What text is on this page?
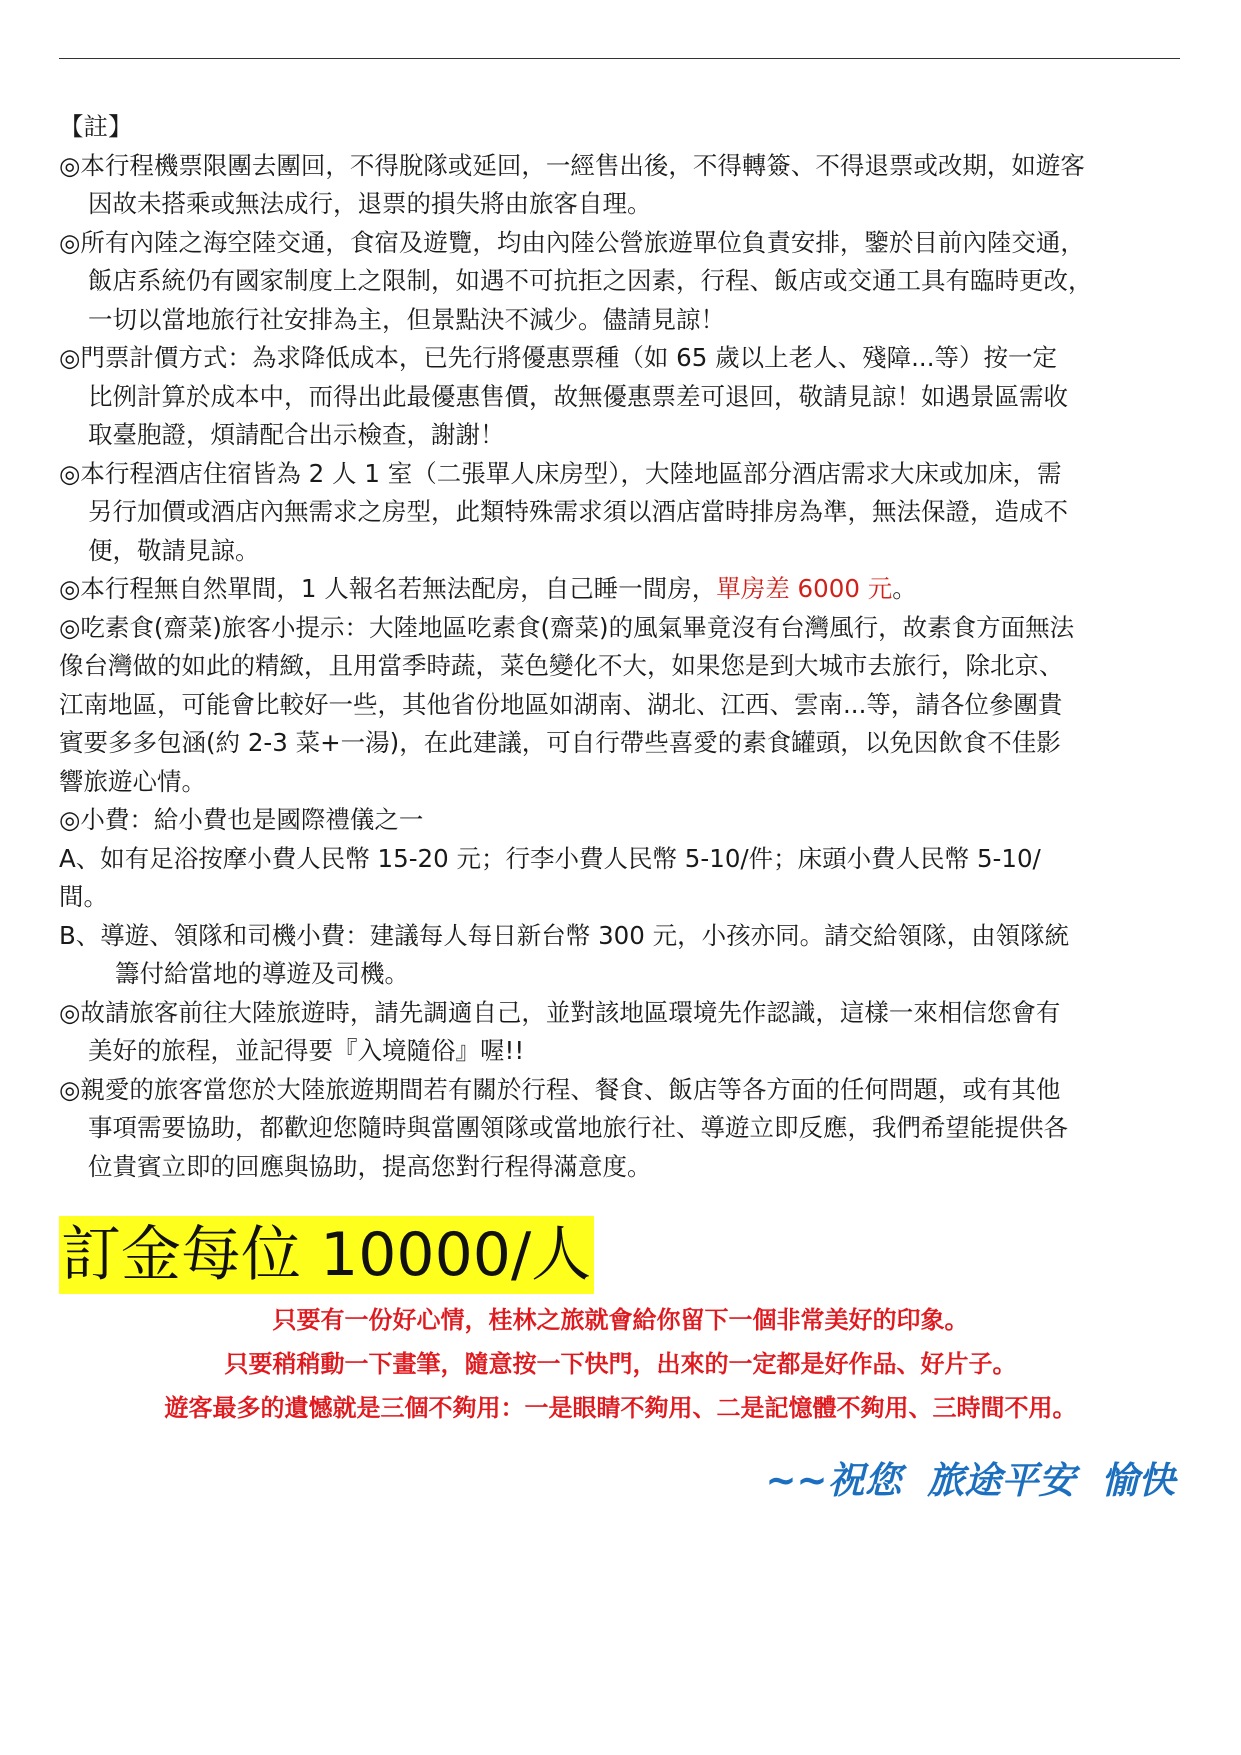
【註】

◎本行程機票限團去團回，不得脫隊或延回，一經售出後，不得轉簽、不得退票或改期，如遊客
因故未搭乘或無法成行，退票的損失將由旅客自理。
◎所有內陸之海空陸交通，食宿及遊覽，均由內陸公營旅遊單位負責安排，鑒於目前內陸交通，
飯店系統仍有國家制度上之限制，如遇不可抗拒之因素，行程、飯店或交通工具有臨時更改，
一切以當地旅行社安排為主，但景點決不減少。儘請見諒！
◎門票計價方式：為求降低成本，已先行將優惠票種（如 65 歲以上老人、殘障...等）按一定
比例計算於成本中，而得出此最優惠售價，故無優惠票差可退回，敬請見諒！如遇景區需收
取臺胞證，煩請配合出示檢查，謝謝！
◎本行程酒店住宿皆為 2 人 1 室（二張單人床房型），大陸地區部分酒店需求大床或加床，需
另行加價或酒店內無需求之房型，此類特殊需求須以酒店當時排房為準，無法保證，造成不
便，敬請見諒。

◎本行程無自然單間，1 人報名若無法配房，自己睡一間房，單房差 6000 元。

◎吃素食(齋菜)旅客小提示：大陸地區吃素食(齋菜)的風氣畢竟沒有台灣風行，故素食方面無法
像台灣做的如此的精緻，且用當季時蔬，菜色變化不大，如果您是到大城市去旅行，除北京、
江南地區，可能會比較好一些，其他省份地區如湖南、湖北、江西、雲南...等，請各位參團貴
賓要多多包涵(約 2-3 菜+一湯)，在此建議，可自行帶些喜愛的素食罐頭，以免因飲食不佳影
響旅遊心情。

◎小費：給小費也是國際禮儀之一

A、如有足浴按摩小費人民幣 15-20 元；行李小費人民幣 5-10/件；床頭小費人民幣 5-10/
間。
B、導遊、領隊和司機小費：建議每人每日新台幣 300 元，小孩亦同。請交給領隊，由領隊統
籌付給當地的導遊及司機。
◎故請旅客前往大陸旅遊時，請先調適自己，並對該地區環境先作認識，這樣一來相信您會有
美好的旅程，並記得要『入境隨俗』喔!!
◎親愛的旅客當您於大陸旅遊期間若有關於行程、餐食、飯店等各方面的任何問題，或有其他
事項需要協助，都歡迎您隨時與當團領隊或當地旅行社、導遊立即反應，我們希望能提供各
位貴賓立即的回應與協助，提高您對行程得滿意度。
訂金每位 10000/人

只要有一份好心情，桂林之旅就會給你留下一個非常美好的印象。

只要稍稍動一下畫筆，隨意按一下快門，出來的一定都是好作品、好片子。

遊客最多的遺憾就是三個不夠用：一是眼睛不夠用、二是記憶體不夠用、三時間不用。

~~祝您  旅途平安  愉快
